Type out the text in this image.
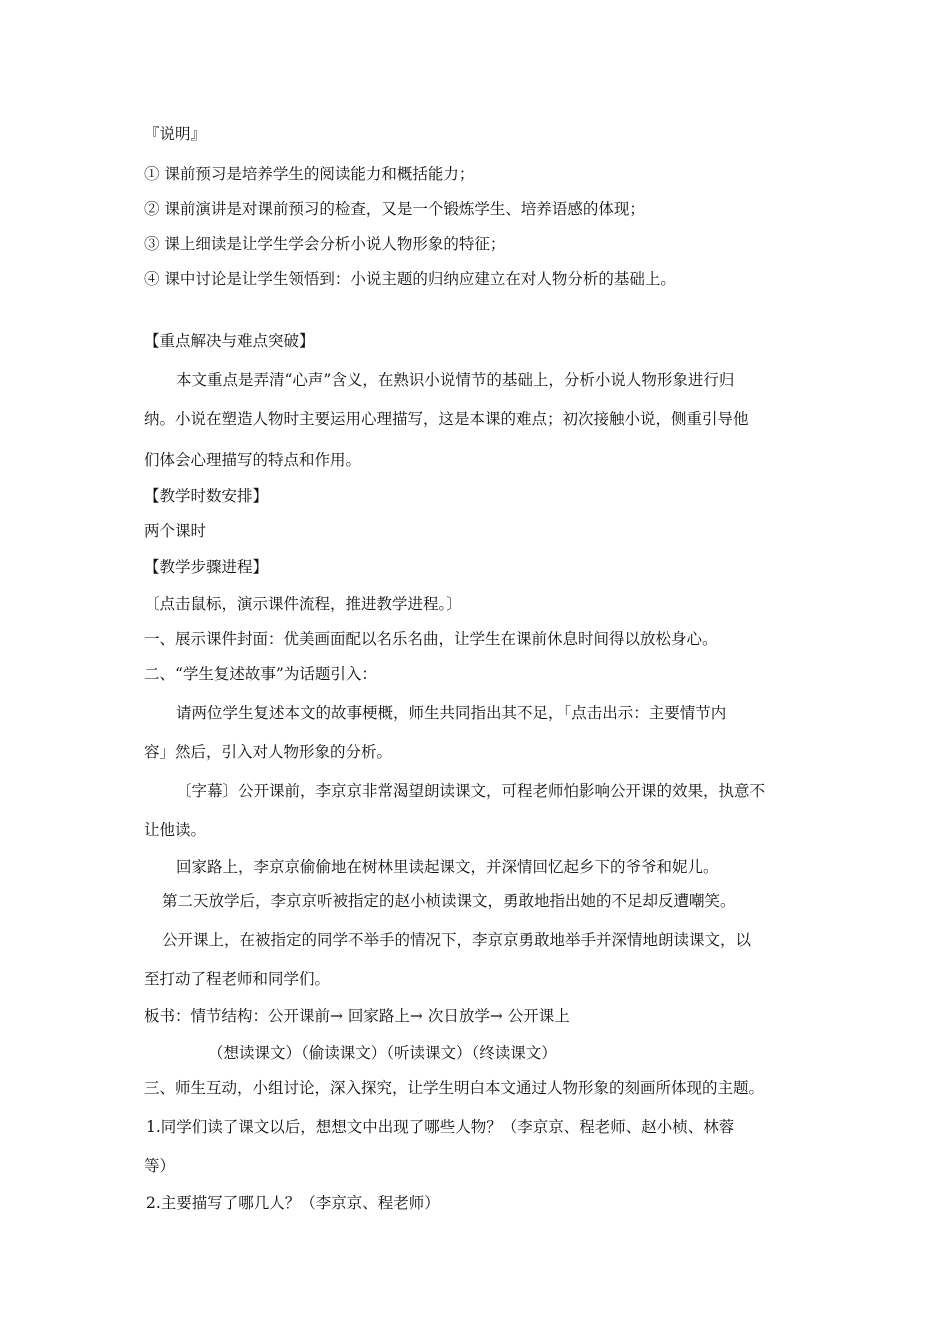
『说明』

① 课前预习是培养学生的阅读能力和概括能力；

② 课前演讲是对课前预习的检查，又是一个锻炼学生、培养语感的体现；

③ 课上细读是让学生学会分析小说人物形象的特征；

④ 课中讨论是让学生领悟到：小说主题的归纳应建立在对人物分析的基础上。

【重点解决与难点突破】

本文重点是弄清“心声”含义，在熟识小说情节的基础上，分析小说人物形象进行归

纳。小说在塑造人物时主要运用心理描写，这是本课的难点；初次接触小说，侧重引导他

们体会心理描写的特点和作用。

【教学时数安排】

两个课时

【教学步骤进程】

〔点击鼠标，演示课件流程，推进教学进程。〕

一、展示课件封面：优美画面配以名乐名曲，让学生在课前休息时间得以放松身心。

二、“学生复述故事”为话题引入：

请两位学生复述本文的故事梗概，师生共同指出其不足，「点击出示：主要情节内

容」然后，引入对人物形象的分析。

〔字幕〕公开课前，李京京非常渴望朗读课文，可程老师怕影响公开课的效果，执意不

让他读。

回家路上，李京京偷偷地在树林里读起课文，并深情回忆起乡下的爷爷和妮儿。

第二天放学后，李京京听被指定的赵小桢读课文，勇敢地指出她的不足却反遭嘲笑。

公开课上，在被指定的同学不举手的情况下，李京京勇敢地举手并深情地朗读课文，以

至打动了程老师和同学们。

板书：情节结构：公开课前→ 回家路上→ 次日放学→ 公开课上

（想读课文）（偷读课文）（听读课文）（终读课文）

三、师生互动，小组讨论，深入探究，让学生明白本文通过人物形象的刻画所体现的主题。

1.同学们读了课文以后，想想文中出现了哪些人物？（李京京、程老师、赵小桢、林蓉

等）

2.主要描写了哪几人？（李京京、程老师）
